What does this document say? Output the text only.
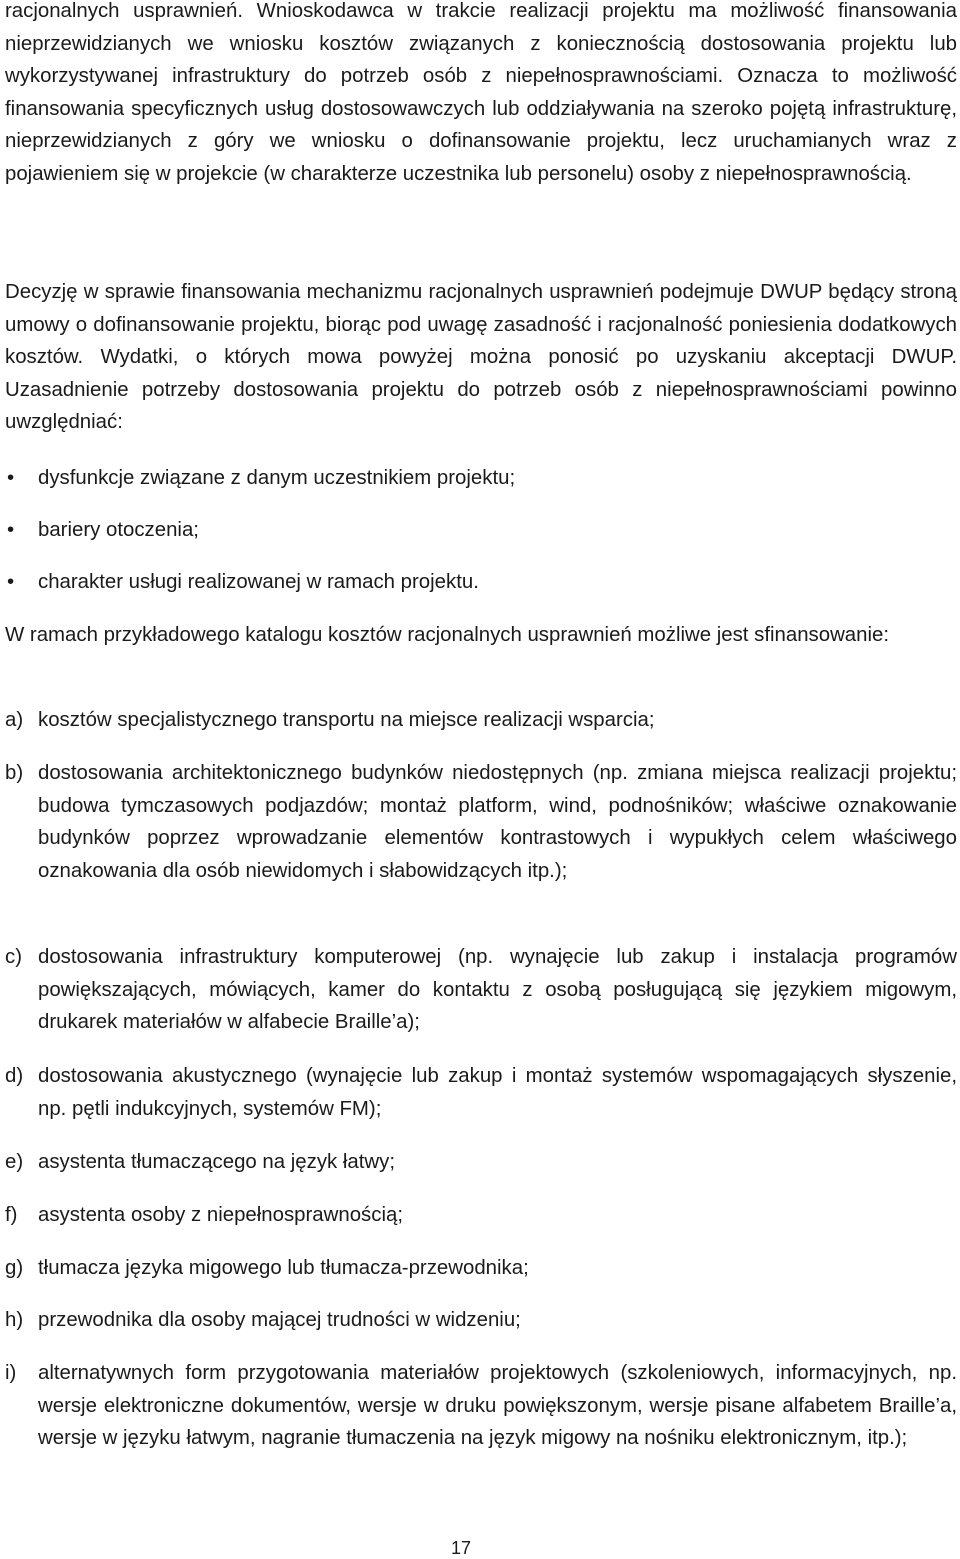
racjonalnych usprawnień. Wnioskodawca w trakcie realizacji projektu ma możliwość finansowania nieprzewidzianych we wniosku kosztów związanych z koniecznością dostosowania projektu lub wykorzystywanej infrastruktury do potrzeb osób z niepełnosprawnościami. Oznacza to możliwość finansowania specyficznych usług dostosowawczych lub oddziaływania na szeroko pojętą infrastrukturę, nieprzewidzianych z góry we wniosku o dofinansowanie projektu, lecz uruchamianych wraz z pojawieniem się w projekcie (w charakterze uczestnika lub personelu) osoby z niepełnosprawnością.

Decyzję w sprawie finansowania mechanizmu racjonalnych usprawnień podejmuje DWUP będący stroną umowy o dofinansowanie projektu, biorąc pod uwagę zasadność i racjonalność poniesienia dodatkowych kosztów. Wydatki, o których mowa powyżej można ponosić po uzyskaniu akceptacji DWUP. Uzasadnienie potrzeby dostosowania projektu do potrzeb osób z niepełnosprawnościami powinno uwzględniać:

• dysfunkcje związane z danym uczestnikiem projektu;
• bariery otoczenia;
• charakter usługi realizowanej w ramach projektu.

W ramach przykładowego katalogu kosztów racjonalnych usprawnień możliwe jest sfinansowanie:

a) kosztów specjalistycznego transportu na miejsce realizacji wsparcia;
b) dostosowania architektonicznego budynków niedostępnych (np. zmiana miejsca realizacji projektu; budowa tymczasowych podjazdów; montaż platform, wind, podnośników; właściwe oznakowanie budynków poprzez wprowadzanie elementów kontrastowych i wypukłych celem właściwego oznakowania dla osób niewidomych i słabowidzących itp.);
c) dostosowania infrastruktury komputerowej (np. wynajęcie lub zakup i instalacja programów powiększających, mówiących, kamer do kontaktu z osobą posługującą się językiem migowym, drukarek materiałów w alfabecie Braille’a);
d) dostosowania akustycznego (wynajęcie lub zakup i montaż systemów wspomagających słyszenie, np. pętli indukcyjnych, systemów FM);
e) asystenta tłumaczącego na język łatwy;
f) asystenta osoby z niepełnosprawnością;
g) tłumacza języka migowego lub tłumacza-przewodnika;
h) przewodnika dla osoby mającej trudności w widzeniu;
i) alternatywnych form przygotowania materiałów projektowych (szkoleniowych, informacyjnych, np. wersje elektroniczne dokumentów, wersje w druku powiększonym, wersje pisane alfabetem Braille’a, wersje w języku łatwym, nagranie tłumaczenia na język migowy na nośniku elektronicznym, itp.);
17
